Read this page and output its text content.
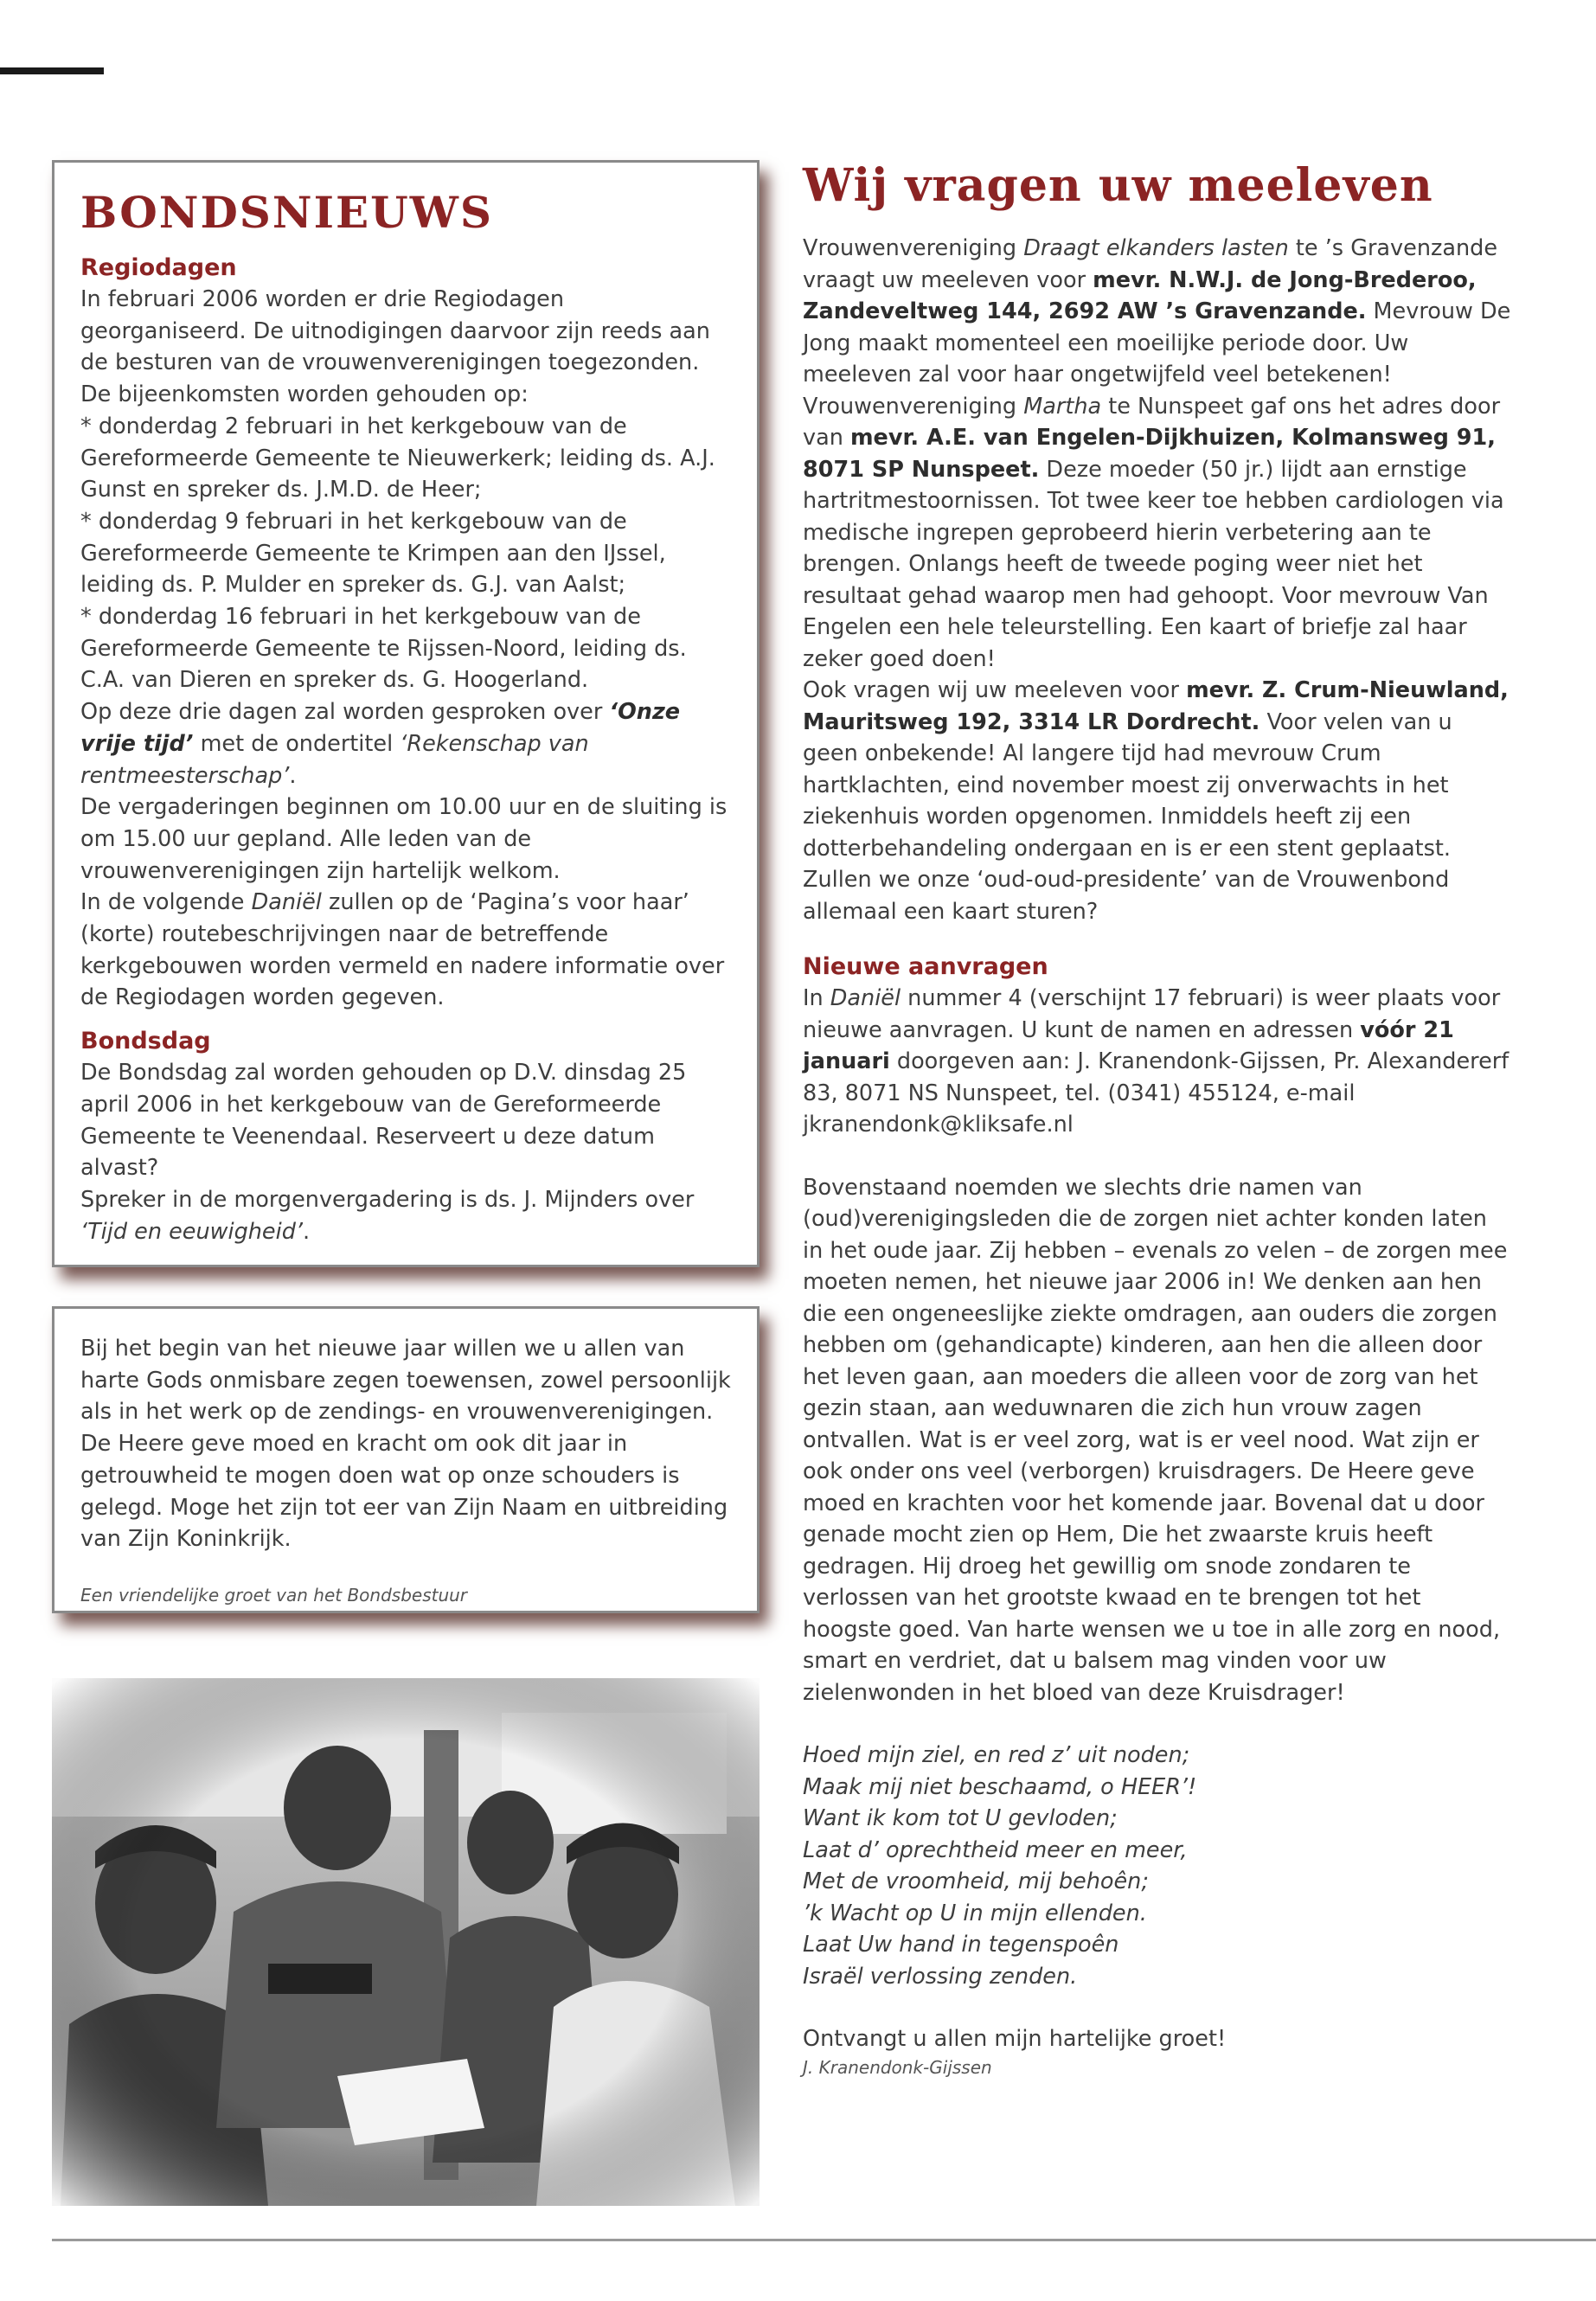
BONDSNIEUWS
Regiodagen

In februari 2006 worden er drie Regiodagen georganiseerd. De uitnodigingen daarvoor zijn reeds aan de besturen van de vrouwenverenigingen toegezonden. De bijeenkomsten worden gehouden op:

* donderdag 2 februari in het kerkgebouw van de Gereformeerde Gemeente te Nieuwerkerk; leiding ds. A.J. Gunst en spreker ds. J.M.D. de Heer;

* donderdag 9 februari in het kerkgebouw van de Gereformeerde Gemeente te Krimpen aan den IJssel, leiding ds. P. Mulder en spreker ds. G.J. van Aalst;

* donderdag 16 februari in het kerkgebouw van de Gereformeerde Gemeente te Rijssen-Noord, leiding ds. C.A. van Dieren en spreker ds. G. Hoogerland.

Op deze drie dagen zal worden gesproken over ‘Onze vrije tijd’ met de ondertitel ‘Rekenschap van rentmeesterschap’.

De vergaderingen beginnen om 10.00 uur en de sluiting is om 15.00 uur gepland. Alle leden van de vrouwenverenigingen zijn hartelijk welkom.

In de volgende Daniël zullen op de ‘Pagina’s voor haar’ (korte) routebeschrijvingen naar de betreffende kerkgebouwen worden vermeld en nadere informatie over de Regiodagen worden gegeven.

Bondsdag

De Bondsdag zal worden gehouden op D.V. dinsdag 25 april 2006 in het kerkgebouw van de Gereformeerde Gemeente te Veenendaal. Reserveert u deze datum alvast?

Spreker in de morgenvergadering is ds. J. Mijnders over ‘Tijd en eeuwigheid’.

Bij het begin van het nieuwe jaar willen we u allen van harte Gods onmisbare zegen toewensen, zowel persoonlijk als in het werk op de zendings- en vrouwenverenigingen. De Heere geve moed en kracht om ook dit jaar in getrouwheid te mogen doen wat op onze schouders is gelegd. Moge het zijn tot eer van Zijn Naam en uitbreiding van Zijn Koninkrijk.

Een vriendelijke groet van het Bondsbestuur
Wij vragen uw meeleven

Vrouwenvereniging Draagt elkanders lasten te ’s Gravenzande vraagt uw meeleven voor mevr. N.W.J. de Jong-Brederoo, Zandeveltweg 144, 2692 AW ’s Gravenzande. Mevrouw De Jong maakt momenteel een moeilijke periode door. Uw meeleven zal voor haar ongetwijfeld veel betekenen!

Vrouwenvereniging Martha te Nunspeet gaf ons het adres door van mevr. A.E. van Engelen-Dijkhuizen, Kolmansweg 91, 8071 SP Nunspeet. Deze moeder (50 jr.) lijdt aan ernstige hartritmestoornissen. Tot twee keer toe hebben cardiologen via medische ingrepen geprobeerd hierin verbetering aan te brengen. Onlangs heeft de tweede poging weer niet het resultaat gehad waarop men had gehoopt. Voor mevrouw Van Engelen een hele teleurstelling. Een kaart of briefje zal haar zeker goed doen!

Ook vragen wij uw meeleven voor mevr. Z. Crum-Nieuwland, Mauritsweg 192, 3314 LR Dordrecht. Voor velen van u geen onbekende! Al langere tijd had mevrouw Crum hartklachten, eind november moest zij onverwachts in het ziekenhuis worden opgenomen. Inmiddels heeft zij een dotterbehandeling ondergaan en is er een stent geplaatst. Zullen we onze ‘oud-oud-presidente’ van de Vrouwenbond allemaal een kaart sturen?

Nieuwe aanvragen

In Daniël nummer 4 (verschijnt 17 februari) is weer plaats voor nieuwe aanvragen. U kunt de namen en adressen vóór 21 januari doorgeven aan: J. Kranendonk-Gijssen, Pr. Alexandererf 83, 8071 NS Nunspeet, tel. (0341) 455124, e-mail jkranendonk@kliksafe.nl

Bovenstaand noemden we slechts drie namen van (oud)verenigingsleden die de zorgen niet achter konden laten in het oude jaar. Zij hebben – evenals zo velen – de zorgen mee moeten nemen, het nieuwe jaar 2006 in! We denken aan hen die een ongeneeslijke ziekte omdragen, aan ouders die zorgen hebben om (gehandicapte) kinderen, aan hen die alleen door het leven gaan, aan moeders die alleen voor de zorg van het gezin staan, aan weduwnaren die zich hun vrouw zagen ontvallen. Wat is er veel zorg, wat is er veel nood. Wat zijn er ook onder ons veel (verborgen) kruisdragers. De Heere geve moed en krachten voor het komende jaar. Bovenal dat u door genade mocht zien op Hem, Die het zwaarste kruis heeft gedragen. Hij droeg het gewillig om snode zondaren te verlossen van het grootste kwaad en te brengen tot het hoogste goed. Van harte wensen we u toe in alle zorg en nood, smart en verdriet, dat u balsem mag vinden voor uw zielenwonden in het bloed van deze Kruisdrager!

Hoed mijn ziel, en red z’ uit noden;

Maak mij niet beschaamd, o HEER’!

Want ik kom tot U gevloden;

Laat d’ oprechtheid meer en meer,

Met de vroomheid, mij behoên;

’k Wacht op U in mijn ellenden.

Laat Uw hand in tegenspoên

Israël verlossing zenden.

Ontvangt u allen mijn hartelijke groet!

J. Kranendonk-Gijssen
